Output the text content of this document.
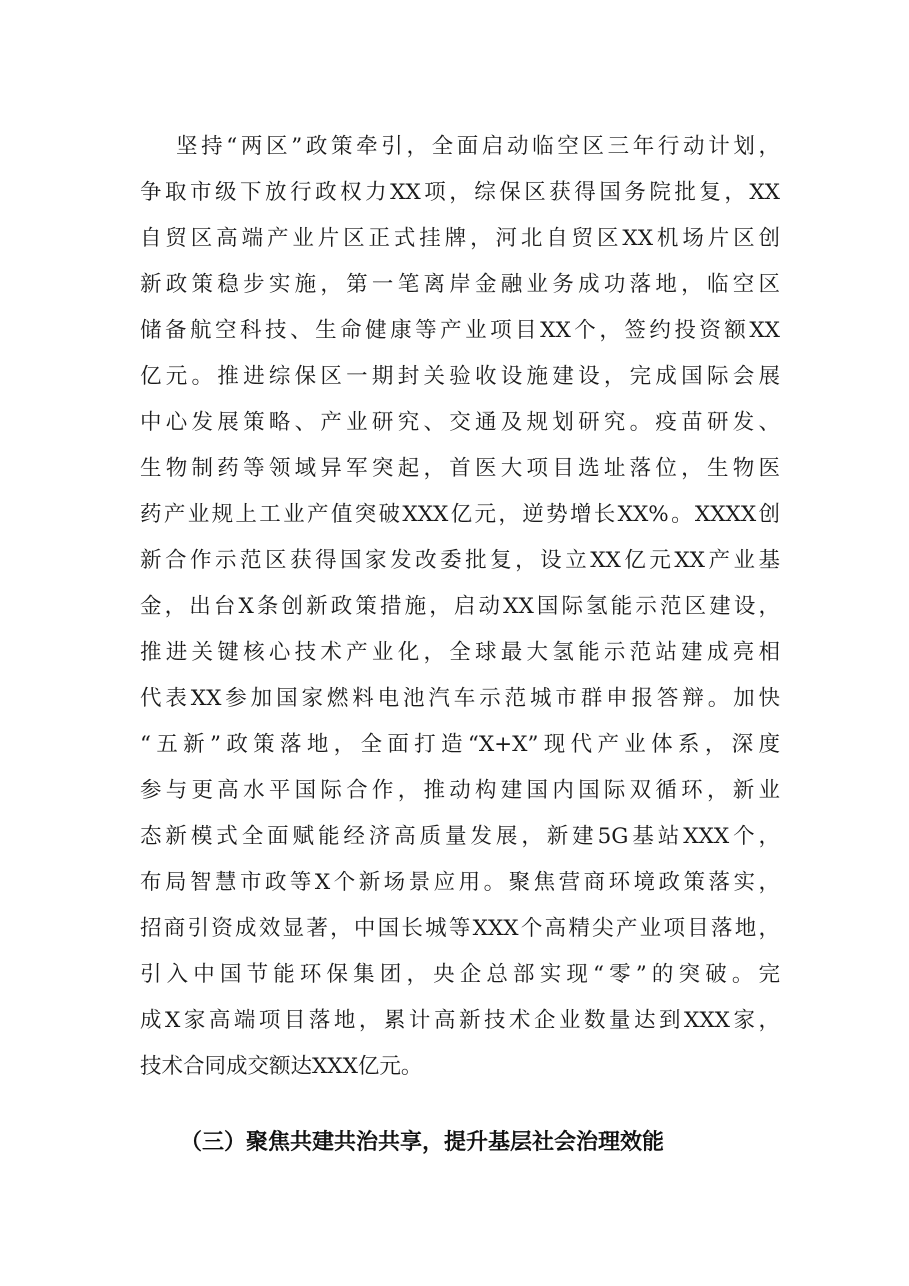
坚持“两区”政策牵引，全面启动临空区三年行动计划，
争取市级下放行政权力XX项，综保区获得国务院批复，XX
自贸区高端产业片区正式挂牌，河北自贸区XX机场片区创
新政策稳步实施，第一笔离岸金融业务成功落地，临空区
储备航空科技、生命健康等产业项目XX个，签约投资额XX
亿元。推进综保区一期封关验收设施建设，完成国际会展
中心发展策略、产业研究、交通及规划研究。疫苗研发、
生物制药等领域异军突起，首医大项目选址落位，生物医
药产业规上工业产值突破XXX亿元，逆势增长XX%。XXXX创
新合作示范区获得国家发改委批复，设立XX亿元XX产业基
金，出台X条创新政策措施，启动XX国际氢能示范区建设，
推进关键核心技术产业化，全球最大氢能示范站建成亮相
代表XX参加国家燃料电池汽车示范城市群申报答辩。加快
“五新”政策落地，全面打造“X+X”现代产业体系，深度
参与更高水平国际合作，推动构建国内国际双循环，新业
态新模式全面赋能经济高质量发展，新建5G基站XXX个，
布局智慧市政等X个新场景应用。聚焦营商环境政策落实，
招商引资成效显著，中国长城等XXX个高精尖产业项目落地，
引入中国节能环保集团，央企总部实现“零”的突破。完
成X家高端项目落地，累计高新技术企业数量达到XXX家，
技术合同成交额达XXX亿元。
（三）聚焦共建共治共享，提升基层社会治理效能
